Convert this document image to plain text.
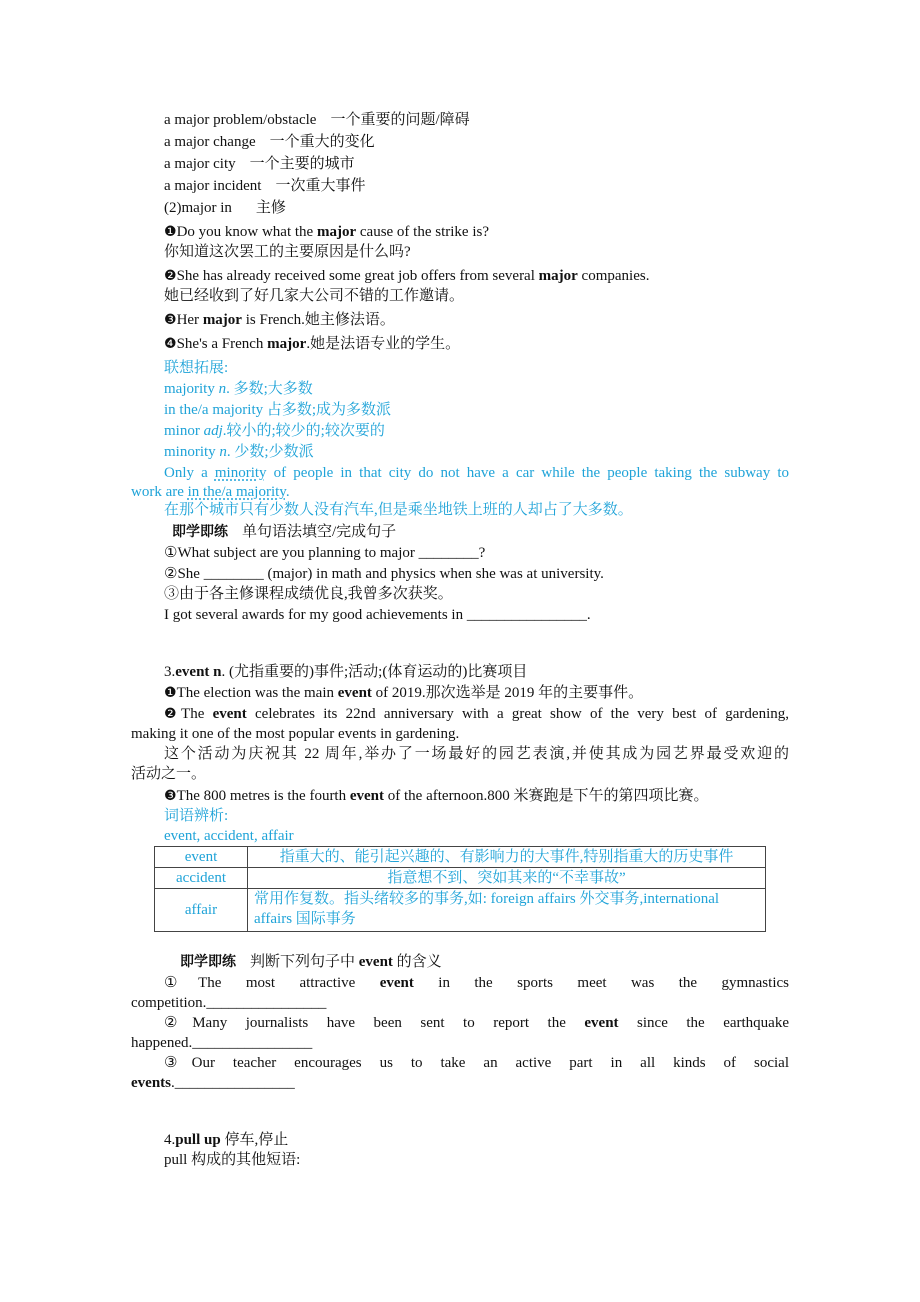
a major problem/obstacle 一个重要的问题/障碍
a major change 一个重大的变化
a major city 一个主要的城市
a major incident 一次重大事件
(2)major in 主修
❶Do you know what the major cause of the strike is?
你知道这次罢工的主要原因是什么吗?
❷She has already received some great job offers from several major companies.
她已经收到了好几家大公司不错的工作邀请。
❸Her major is French.她主修法语。
❹She's a French major.她是法语专业的学生。
联想拓展:
majority n. 多数;大多数
in the/a majority 占多数;成为多数派
minor adj.较小的;较少的;较次要的
minority n. 少数;少数派
Only a minority of people in that city do not have a car while the people taking the subway to
work are in the/a majority.
在那个城市只有少数人没有汽车,但是乘坐地铁上班的人却占了大多数。
即学即练 单句语法填空/完成句子
①What subject are you planning to major ________?
②She ________ (major) in math and physics when she was at university.
③由于各主修课程成绩优良,我曾多次获奖。
I got several awards for my good achievements in ________________.
3.event n. (尤指重要的)事件;活动;(体育运动的)比赛项目
❶The election was the main event of 2019.那次选举是 2019 年的主要事件。
❷The event celebrates its 22nd anniversary with a great show of the very best of gardening,
making it one of the most popular events in gardening.
这个活动为庆祝其 22 周年,举办了一场最好的园艺表演,并使其成为园艺界最受欢迎的
活动之一。
❸The 800 metres is the fourth event of the afternoon.800 米赛跑是下午的第四项比赛。
词语辨析:
event, accident, affair
event	指重大的、能引起兴趣的、有影响力的大事件,特别指重大的历史事件
accident	指意想不到、突如其来的“不幸事故”
affair	常用作复数。指头绪较多的事务,如: foreign affairs 外交事务,international
affairs 国际事务
即学即练 判断下列句子中 event 的含义
①The most attractive event in the sports meet was the gymnastics
competition.________________
②Many journalists have been sent to report the event since the earthquake
happened.________________
③Our teacher encourages us to take an active part in all kinds of social
events.________________
4.pull up 停车,停止
pull 构成的其他短语:
